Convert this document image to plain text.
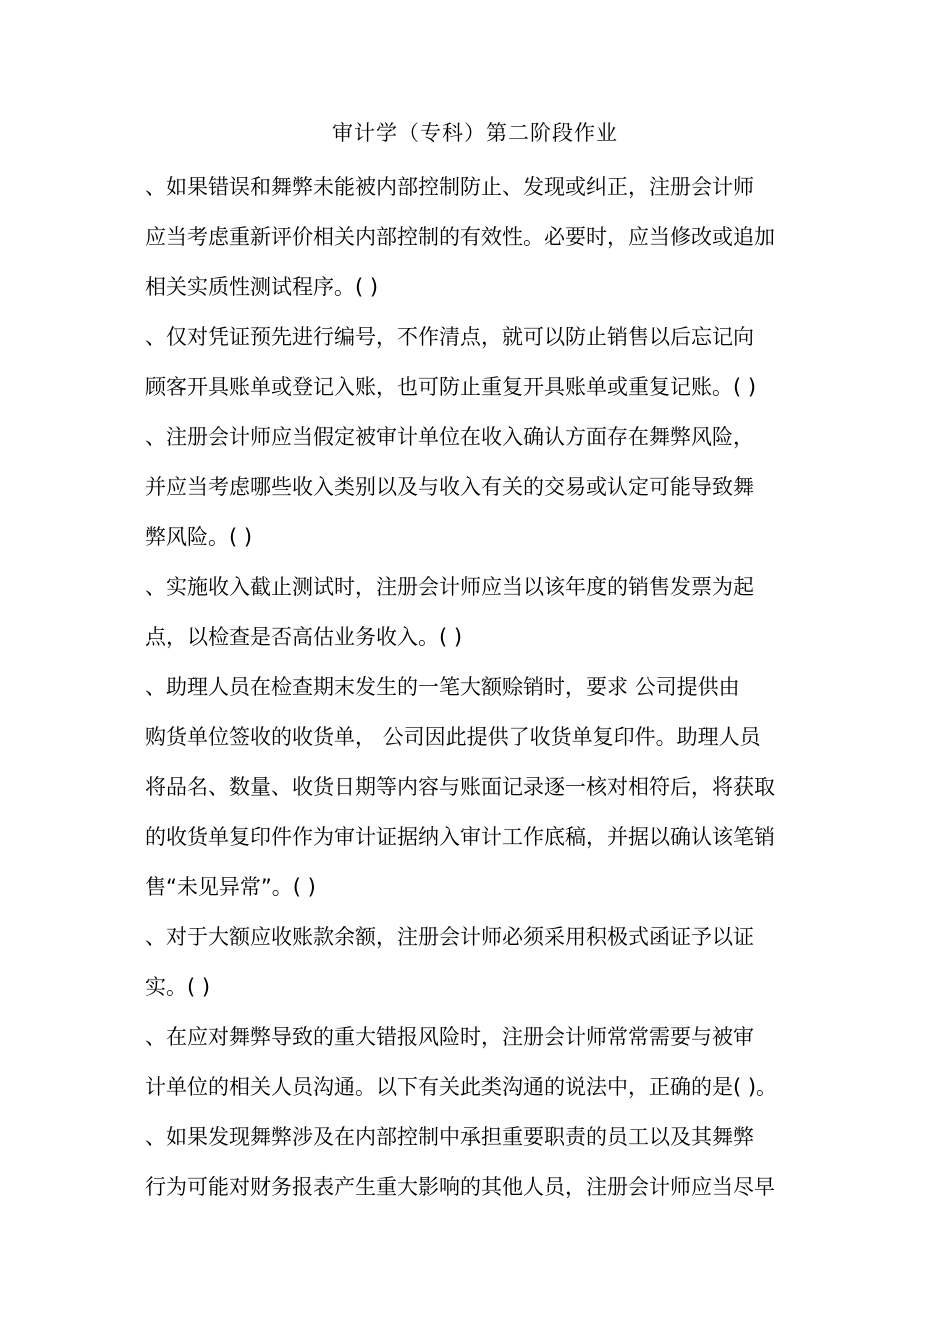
审计学（专科）第二阶段作业
、如果错误和舞弊未能被内部控制防止、发现或纠正，注册会计师
应当考虑重新评价相关内部控制的有效性。必要时，应当修改或追加
相关实质性测试程序。( )
、仅对凭证预先进行编号，不作清点，就可以防止销售以后忘记向
顾客开具账单或登记入账，也可防止重复开具账单或重复记账。( )
、注册会计师应当假定被审计单位在收入确认方面存在舞弊风险，
并应当考虑哪些收入类别以及与收入有关的交易或认定可能导致舞
弊风险。( )
、实施收入截止测试时，注册会计师应当以该年度的销售发票为起
点，以检查是否高估业务收入。( )
、助理人员在检查期末发生的一笔大额赊销时，要求 公司提供由
购货单位签收的收货单， 公司因此提供了收货单复印件。助理人员
将品名、数量、收货日期等内容与账面记录逐一核对相符后，将获取
的收货单复印件作为审计证据纳入审计工作底稿，并据以确认该笔销
售“未见异常”。( )
、对于大额应收账款余额，注册会计师必须采用积极式函证予以证
实。( )
、在应对舞弊导致的重大错报风险时，注册会计师常常需要与被审
计单位的相关人员沟通。以下有关此类沟通的说法中，正确的是( )。
、如果发现舞弊涉及在内部控制中承担重要职责的员工以及其舞弊
行为可能对财务报表产生重大影响的其他人员，注册会计师应当尽早
